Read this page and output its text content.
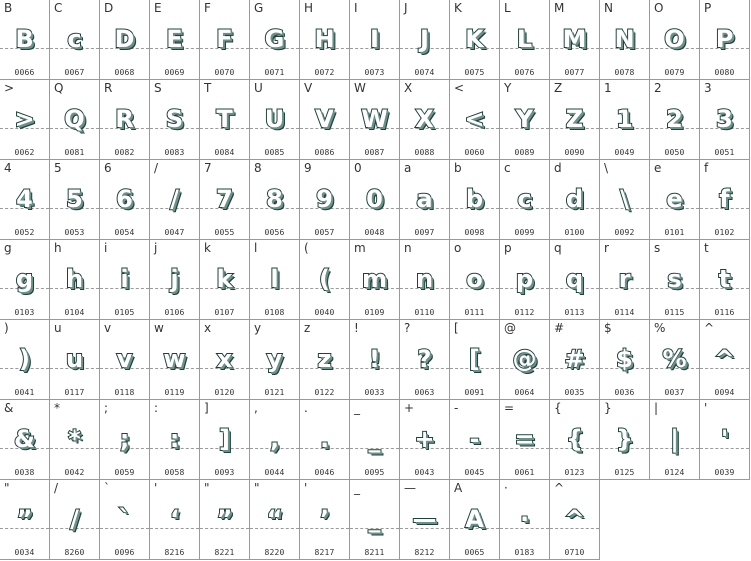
B
B
0066
C
c
0067
D
D
0068
E
E
0069
F
F
0070
G
G
0071
H
H
0072
I
I
0073
J
J
0074
K
K
0075
L
L
0076
M
M
0077
N
N
0078
O
O
0079
P
P
0080
>
>
0062
Q
Q
0081
R
R
0082
S
S
0083
T
T
0084
U
U
0085
V
V
0086
W
W
0087
X
X
0088
<
<
0060
Y
Y
0089
Z
Z
0090
1
1
0049
2
2
0050
3
3
0051
4
4
0052
5
5
0053
6
6
0054
/
/
0047
7
7
0055
8
8
0056
9
9
0057
0
0
0048
a
a
0097
b
b
0098
c
c
0099
d
d
0100
\
\
0092
e
e
0101
f
f
0102
g
g
0103
h
h
0104
i
i
0105
j
j
0106
k
k
0107
l
l
0108
(
(
0040
m
m
0109
n
n
0110
o
o
0111
p
p
0112
q
q
0113
r
r
0114
s
s
0115
t
t
0116
)
)
0041
u
u
0117
v
v
0118
w
w
0119
x
x
0120
y
y
0121
z
z
0122
!
!
0033
?
?
0063
[
[
0091
@
@
0064
#
#
0035
$
$
0036
%
%
0037
^
^
0094
&
&
0038
*
*
0042
;
;
0059
:
:
0058
]
]
0093
,
,
0044
.
.
0046
_
_
0095
+
+
0043
-
-
0045
=
=
0061
{
{
0123
}
}
0125
|
|
0124
'
'
0039
"
”
0034
/
/
8260
`
`
0096
'
‘
8216
"
”
8221
"
“
8220
'
’
8217
_
_
8211
—
—
8212
A
A
0065
·
·
0183
^
^
0710
